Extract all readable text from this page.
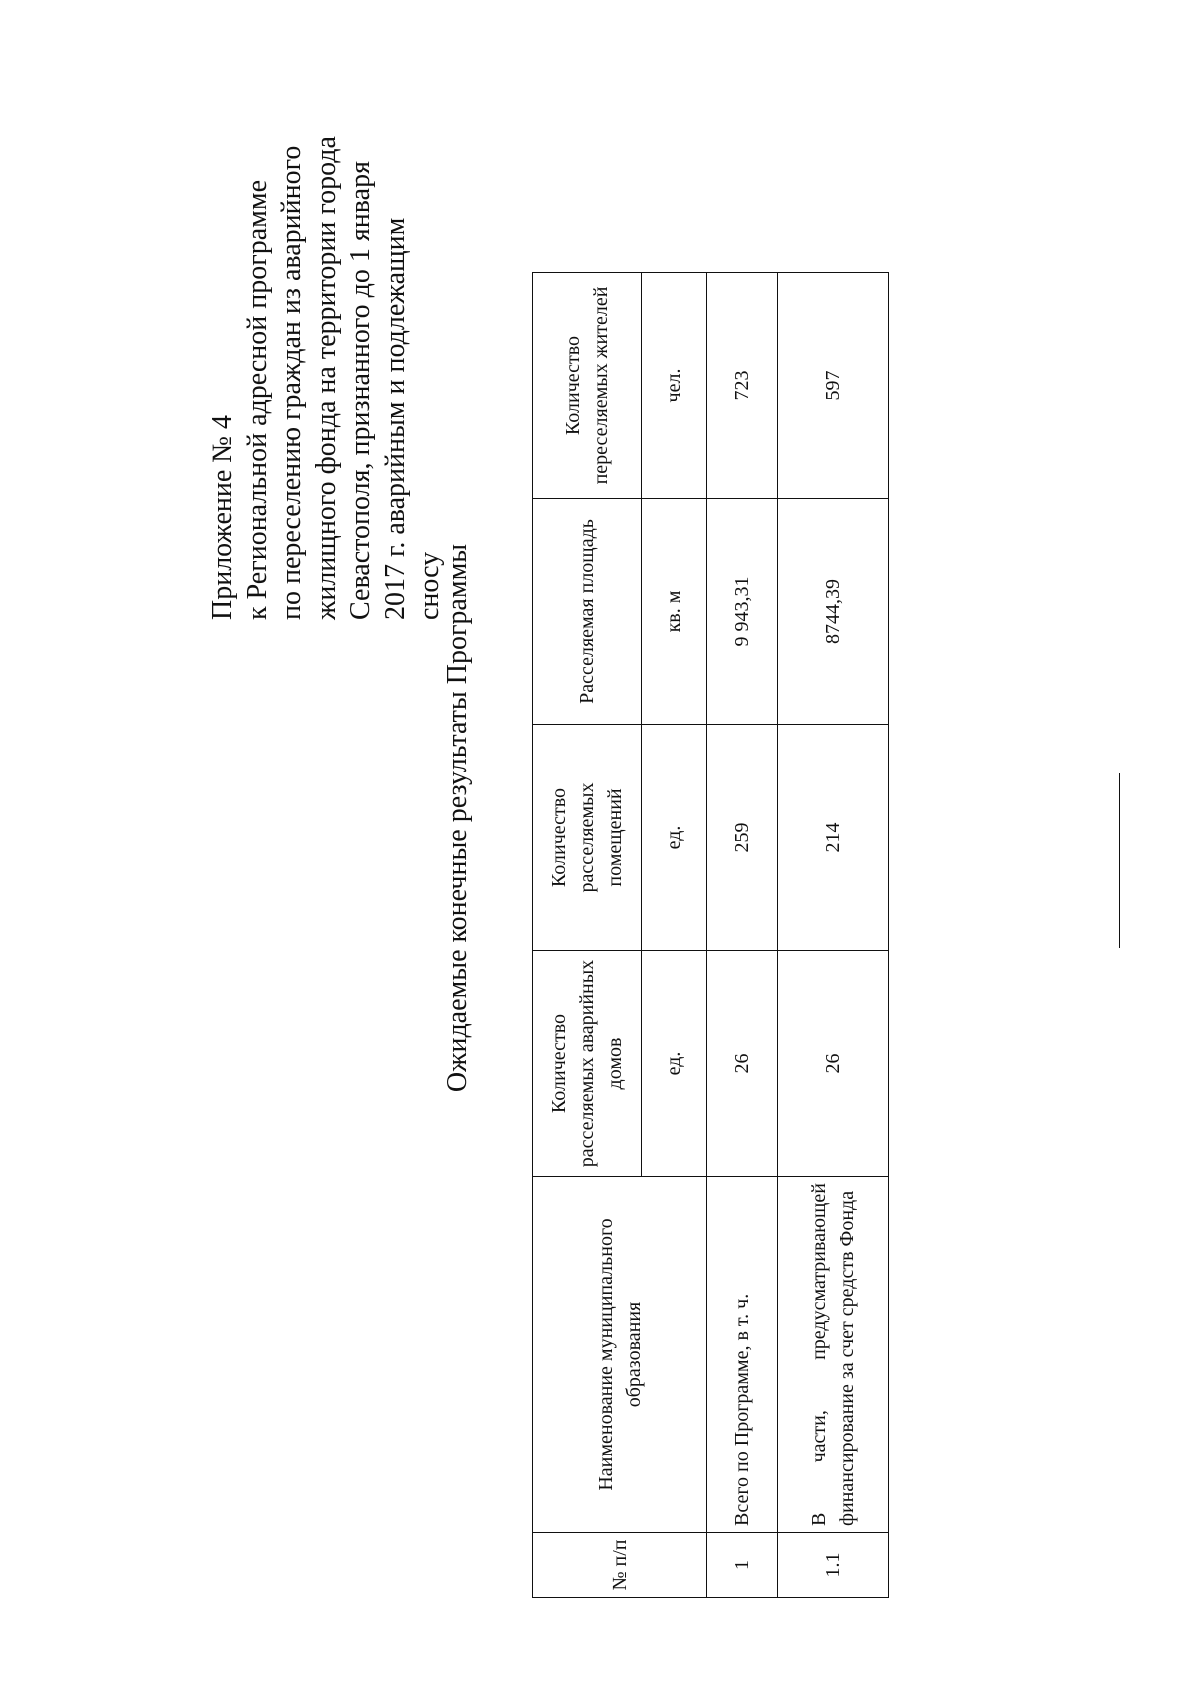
Приложение № 4 к Региональной адресной программе по переселению граждан из аварийного жилищного фонда на территории города Севастополя, признанного до 1 января 2017 г. аварийным и подлежащим сносу
Ожидаемые конечные результаты Программы
№ п/п	Наименование муниципального образования	Количество расселяемых аварийных домов	Количество расселяемых помещений	Расселяемая площадь	Количество переселяемых жителей
		ед.	ед.	кв. м	чел.
1	Всего по Программе, в т. ч.	26	259	9 943,31	723
1.1	В части, предусматривающей финансирование за счет средств Фонда	26	214	8744,39	597
